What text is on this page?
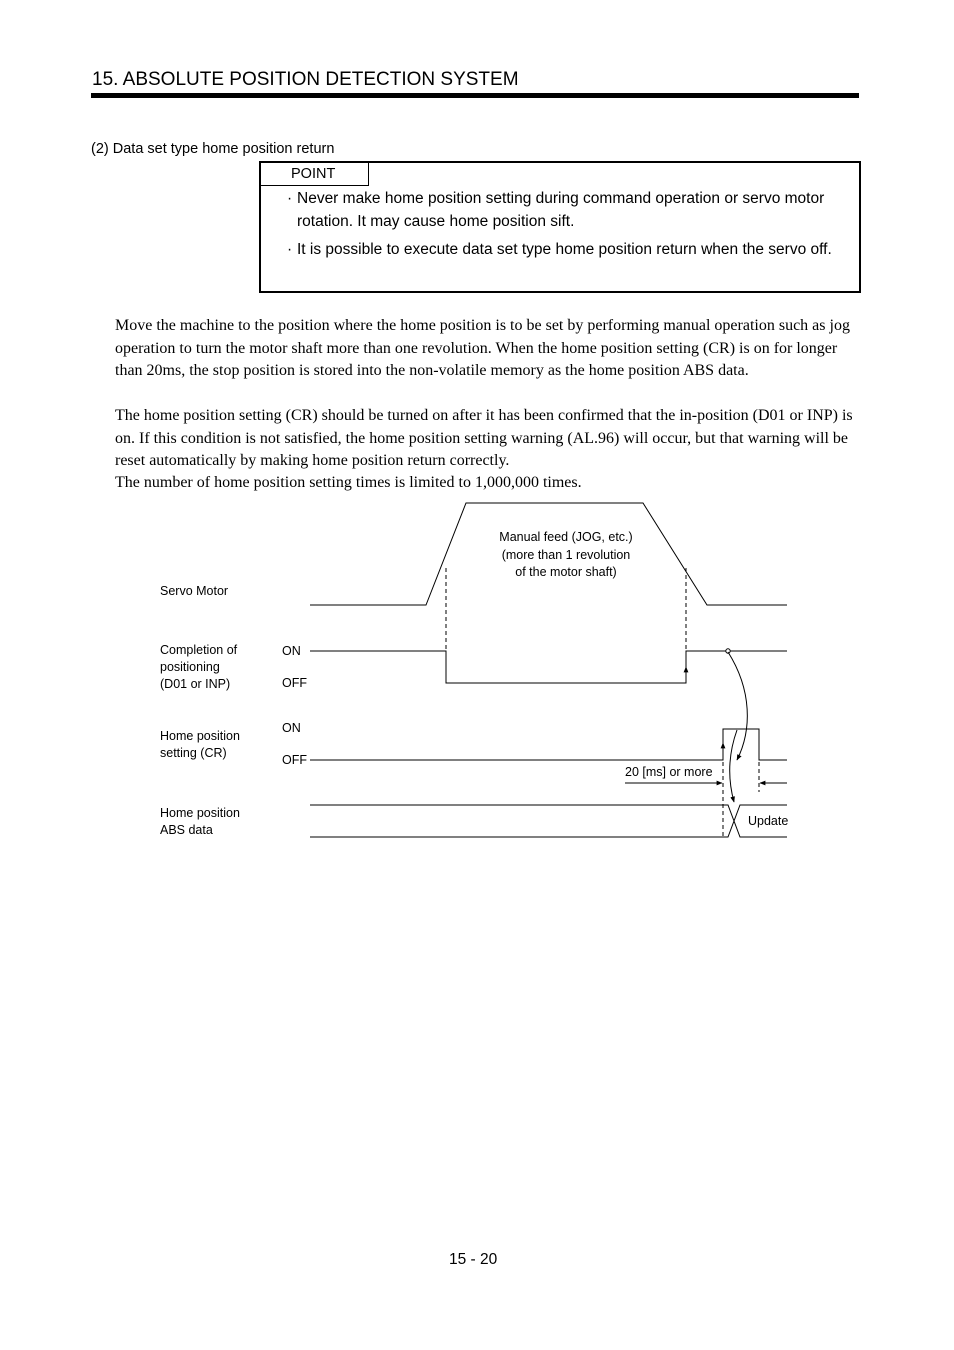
15. ABSOLUTE POSITION DETECTION SYSTEM
(2) Data set type home position return
POINT
· Never make home position setting during command operation or servo motor rotation. It may cause home position sift.
· It is possible to execute data set type home position return when the servo off.
Move the machine to the position where the home position is to be set by performing manual operation such as jog operation to turn the motor shaft more than one revolution. When the home position setting (CR) is on for longer than 20ms, the stop position is stored into the non-volatile memory as the home position ABS data.
The home position setting (CR) should be turned on after it has been confirmed that the in-position (D01 or INP) is on. If this condition is not satisfied, the home position setting warning (AL.96) will occur, but that warning will be reset automatically by making home position return correctly.
The number of home position setting times is limited to 1,000,000 times.
Manual feed (JOG, etc.)
(more than 1 revolution
of the motor shaft)
Servo Motor
Completion of
positioning
(D01 or INP)
ON
OFF
Home position
setting (CR)
ON
OFF
20 [ms] or more
Home position
ABS data
Update
15 - 20
